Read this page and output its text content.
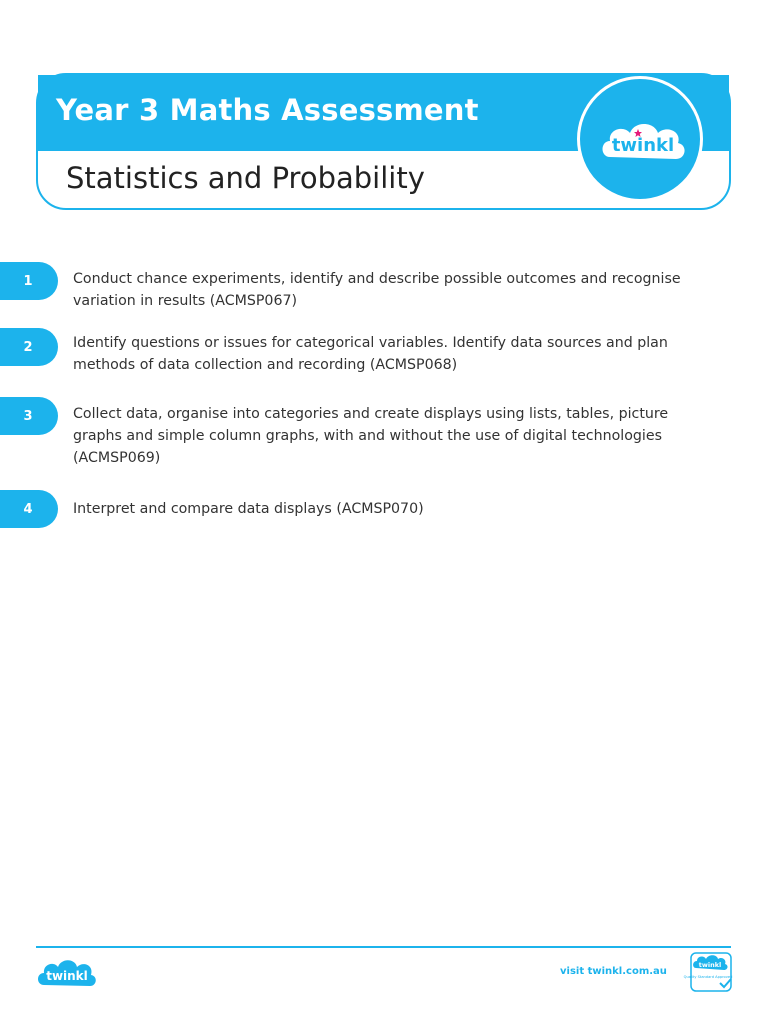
Year 3 Maths Assessment
Statistics and Probability
twinkl
1	Conduct chance experiments, identify and describe possible outcomes and recognise variation in results (ACMSP067)
2	Identify questions or issues for categorical variables. Identify data sources and plan methods of data collection and recording (ACMSP068)
3	Collect data, organise into categories and create displays using lists, tables, picture graphs and simple column graphs, with and without the use of digital technologies (ACMSP069)
4	Interpret and compare data displays (ACMSP070)
twinkl	visit twinkl.com.au
twinkl
Quality Standard Approved
